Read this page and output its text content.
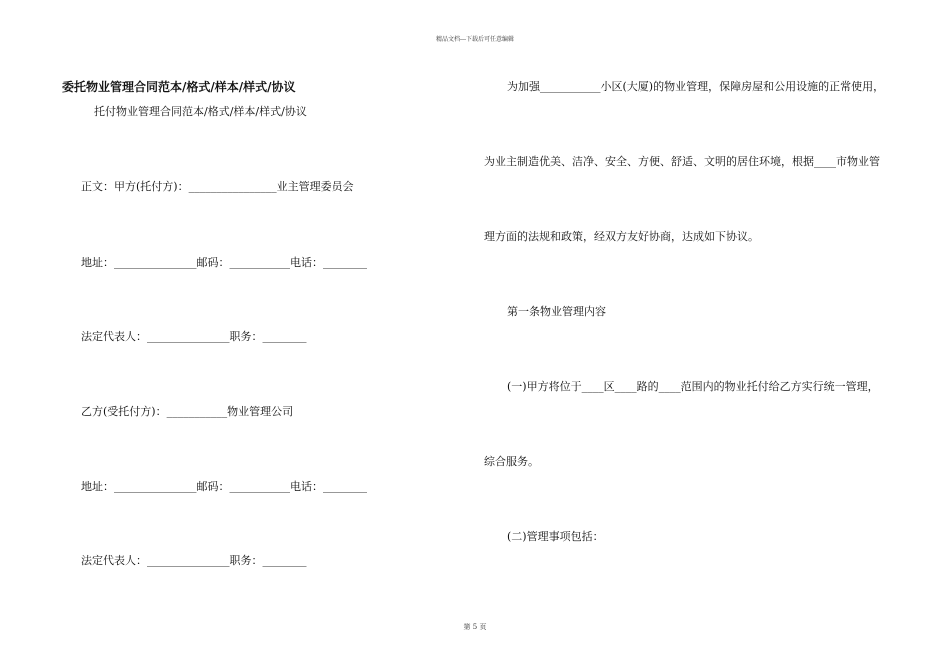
精品文档---下载后可任意编辑
委托物业管理合同范本/格式/样本/样式/协议
托付物业管理合同范本/格式/样本/样式/协议
正文：甲方(托付方)：________________业主管理委员会
地址：_______________邮码：___________电话：________
法定代表人：_______________职务：________
乙方(受托付方)：___________物业管理公司
地址：_______________邮码：___________电话：________
法定代表人：_______________职务：________
为加强___________小区(大厦)的物业管理，保障房屋和公用设施的正常使用，
为业主制造优美、洁净、安全、方便、舒适、文明的居住环境，根据____市物业管
理方面的法规和政策，经双方友好协商，达成如下协议。
第一条物业管理内容
(一)甲方将位于____区____路的____范围内的物业托付给乙方实行统一管理，
综合服务。
(二)管理事项包括：
第 5 页
